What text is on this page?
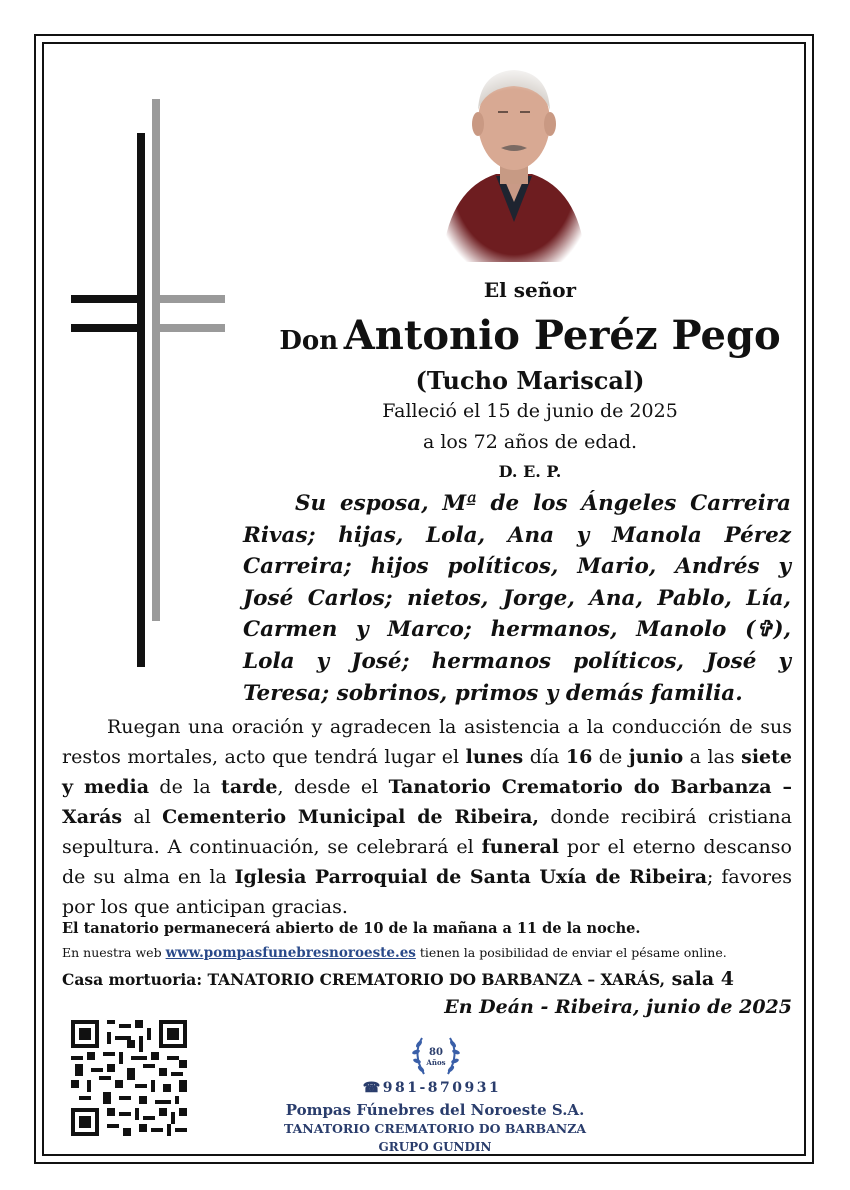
El señor
Don Antonio Peréz Pego
(Tucho Mariscal)
Falleció el 15 de junio de 2025
a los 72 años de edad.
D. E. P.
Su esposa, Mª de los Ángeles Carreira Rivas; hijas, Lola, Ana y Manola Pérez Carreira; hijos políticos, Mario, Andrés y José Carlos; nietos, Jorge, Ana, Pablo, Lía, Carmen y Marco; hermanos, Manolo (✞), Lola y José; hermanos políticos, José y Teresa; sobrinos, primos y demás familia.
Ruegan una oración y agradecen la asistencia a la conducción de sus restos mortales, acto que tendrá lugar el lunes día 16 de junio a las siete y media de la tarde, desde el Tanatorio Crematorio do Barbanza – Xarás al Cementerio Municipal de Ribeira, donde recibirá cristiana sepultura. A continuación, se celebrará el funeral por el eterno descanso de su alma en la Iglesia Parroquial de Santa Uxía de Ribeira; favores por los que anticipan gracias.
El tanatorio permanecerá abierto de 10 de la mañana a 11 de la noche.
En nuestra web www.pompasfunebresnoroeste.es tienen la posibilidad de enviar el pésame online.
Casa mortuoria: TANATORIO CREMATORIO DO BARBANZA – XARÁS, sala 4
En Deán - Ribeira, junio de 2025
80
Años
☎981-870931
Pompas Fúnebres del Noroeste S.A.
TANATORIO CREMATORIO DO BARBANZA
GRUPO GUNDIN
